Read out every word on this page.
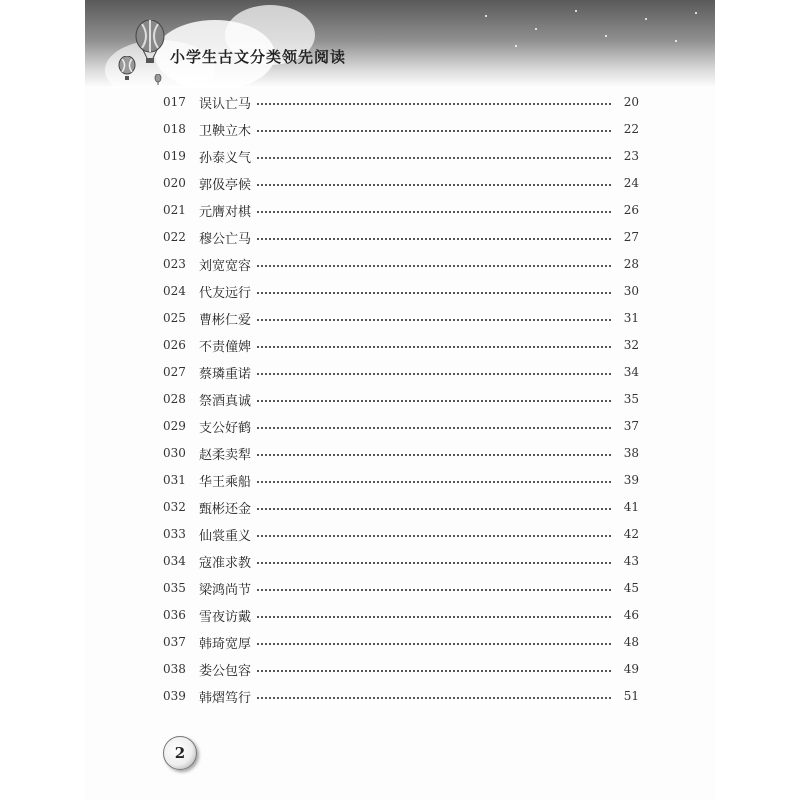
小学生古文分类领先阅读
017	误认亡马	20
018	卫鞅立木	22
019	孙泰义气	23
020	郭伋亭候	24
021	元膺对棋	26
022	穆公亡马	27
023	刘宽宽容	28
024	代友远行	30
025	曹彬仁爱	31
026	不责僮婢	32
027	蔡璘重诺	34
028	祭酒真诚	35
029	支公好鹤	37
030	赵柔卖犁	38
031	华王乘船	39
032	甄彬还金	41
033	仙裳重义	42
034	寇准求教	43
035	梁鸿尚节	45
036	雪夜访戴	46
037	韩琦宽厚	48
038	娄公包容	49
039	韩熠笃行	51
2
